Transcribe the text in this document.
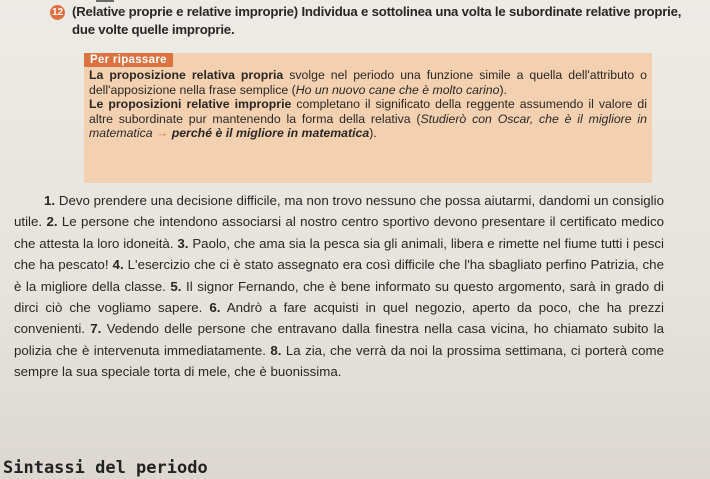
12 (Relative proprie e relative improprie) Individua e sottolinea una volta le subordinate relative proprie, due volte quelle improprie.
Per ripassare

La proposizione relativa propria svolge nel periodo una funzione simile a quella dell'attributo o dell'apposizione nella frase semplice (Ho un nuovo cane che è molto carino).

Le proposizioni relative improprie completano il significato della reggente assumendo il valore di altre subordinate pur mantenendo la forma della relativa (Studierò con Oscar, che è il migliore in matematica → perché è il migliore in matematica).

1. Devo prendere una decisione difficile, ma non trovo nessuno che possa aiutarmi, dandomi un consiglio utile. 2. Le persone che intendono associarsi al nostro centro sportivo devono presentare il certificato medico che attesta la loro idoneità. 3. Paolo, che ama sia la pesca sia gli animali, libera e rimette nel fiume tutti i pesci che ha pescato! 4. L'esercizio che ci è stato assegnato era così difficile che l'ha sbagliato perfino Patrizia, che è la migliore della classe. 5. Il signor Fernando, che è bene informato su questo argomento, sarà in grado di dirci ciò che vogliamo sapere. 6. Andrò a fare acquisti in quel negozio, aperto da poco, che ha prezzi convenienti. 7. Vedendo delle persone che entravano dalla finestra nella casa vicina, ho chiamato subito la polizia che è intervenuta immediatamente. 8. La zia, che verrà da noi la prossima settimana, ci porterà come sempre la sua speciale torta di mele, che è buonissima.
Sintassi del periodo
